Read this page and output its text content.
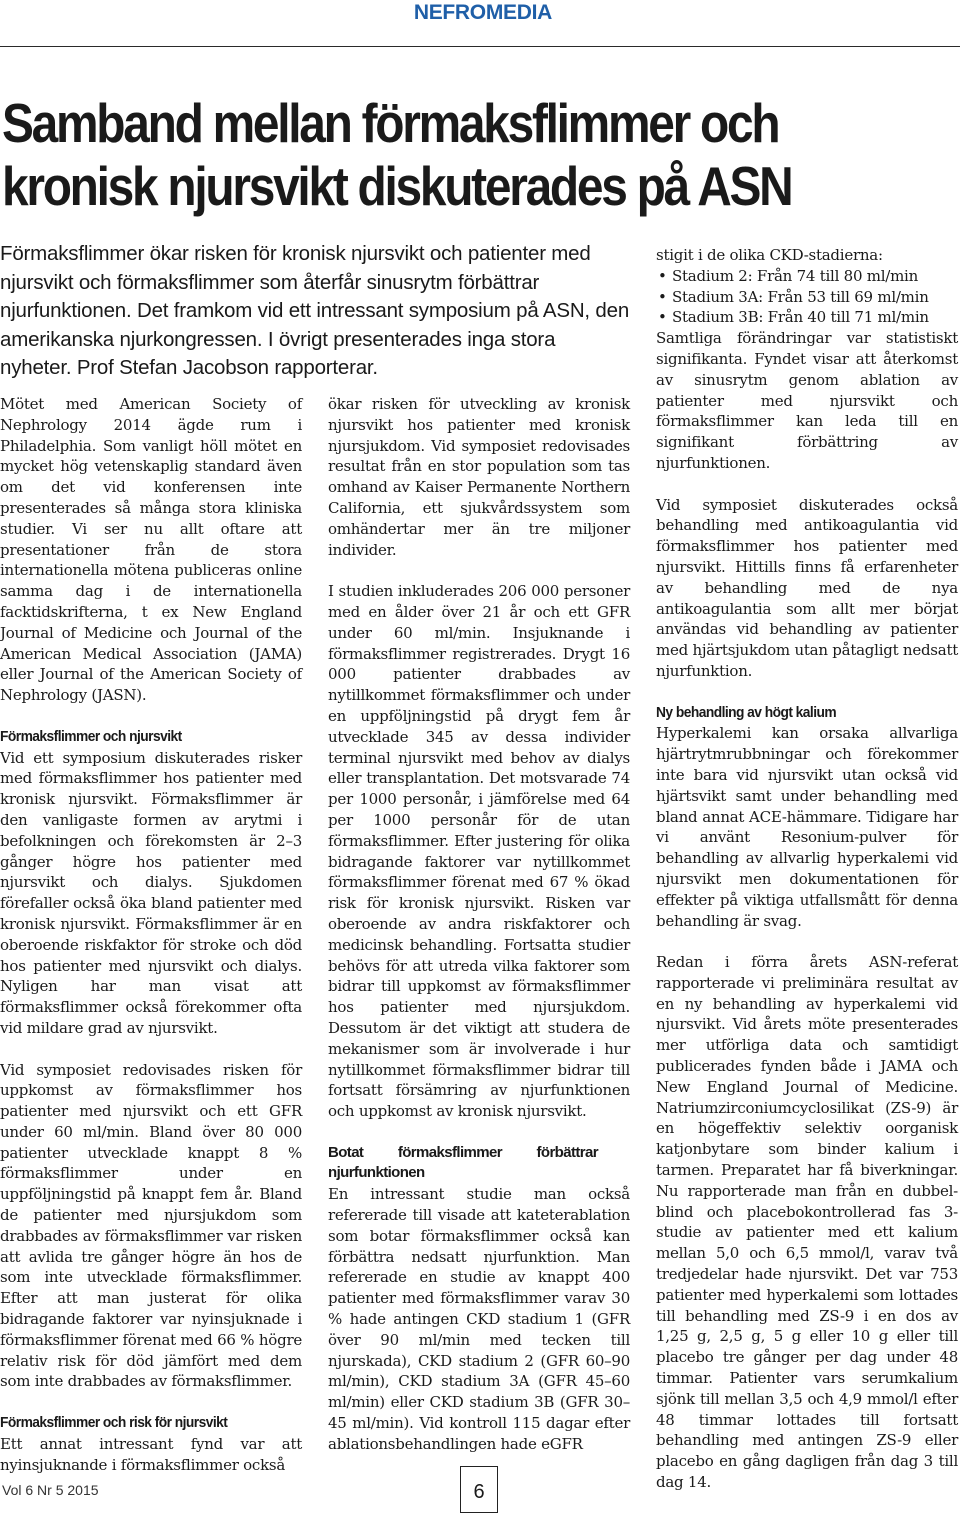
NEFROMEDIA
Samband mellan förmaksflimmer och
kronisk njursvikt diskuterades på ASN
Förmaksflimmer ökar risken för kronisk njursvikt och patienter med njursvikt och förmaksflimmer som återfår sinusrytm förbättrar njurfunktionen. Det framkom vid ett intressant symposium på ASN, den amerikanska njurkongressen. I övrigt presenterades inga stora nyheter. Prof Stefan Jacobson rapporterar.

Mötet med American Society of Nephrology 2014 ägde rum i Philadelphia. Som vanligt höll mötet en mycket hög vetenskaplig standard även om det vid konferensen inte presenterades så många stora kliniska studier. Vi ser nu allt oftare att presentationer från de stora internationella mötena publiceras online samma dag i de internationella facktidskrifterna, t ex New England Journal of Medicine och Journal of the American Medical Association (JAMA) eller Journal of the American Society of Nephrology (JASN).

Förmaksflimmer och njursvikt

Vid ett symposium diskuterades risker med förmaksflimmer hos patienter med kronisk njursvikt. Förmaksflimmer är den vanligaste formen av arytmi i befolkningen och förekomsten är 2–3 gånger högre hos patienter med njursvikt och dialys. Sjukdomen förefaller också öka bland patienter med kronisk njursvikt. Förmaksflimmer är en oberoende riskfaktor för stroke och död hos patienter med njursvikt och dialys. Nyligen har man visat att förmaksflimmer också förekommer ofta vid mildare grad av njursvikt.

Vid symposiet redovisades risken för uppkomst av förmaksflimmer hos patienter med njursvikt och ett GFR under 60 ml/min. Bland över 80 000 patienter utvecklade knappt 8 % förmaksflimmer under en uppföljningstid på knappt fem år. Bland de patienter med njursjukdom som drabbades av förmaksflimmer var risken att avlida tre gånger högre än hos de som inte utvecklade förmaksflimmer. Efter att man justerat för olika bidragande faktorer var nyinsjuknade i förmaksflimmer förenat med 66 % högre relativ risk för död jämfört med dem som inte drabbades av förmaksflimmer.

Förmaksflimmer och risk för njursvikt

Ett annat intressant fynd var att nyinsjuknande i förmaksflimmer också

ökar risken för utveckling av kronisk njursvikt hos patienter med kronisk njursjukdom. Vid symposiet redovisades resultat från en stor population som tas omhand av Kaiser Permanente Northern California, ett sjukvårdssystem som omhändertar mer än tre miljoner individer.

I studien inkluderades 206 000 personer med en ålder över 21 år och ett GFR under 60 ml/min. Insjuknande i förmaksflimmer registrerades. Drygt 16 000 patienter drabbades av nytillkommet förmaksflimmer och under en uppföljningstid på drygt fem år utvecklade 345 av dessa individer terminal njursvikt med behov av dialys eller transplantation. Det motsvarade 74 per 1000 personår, i jämförelse med 64 per 1000 personår för de utan förmaksflimmer. Efter justering för olika bidragande faktorer var nytillkommet förmaksflimmer förenat med 67 % ökad risk för kronisk njursvikt. Risken var oberoende av andra riskfaktorer och medicinsk behandling. Fortsatta studier behövs för att utreda vilka faktorer som bidrar till uppkomst av förmaksflimmer hos patienter med njursjukdom. Dessutom är det viktigt att studera de mekanismer som är involverade i hur nytillkommet förmaksflimmer bidrar till fortsatt försämring av njurfunktionen och uppkomst av kronisk njursvikt.

Botat förmaksflimmer förbättrar njurfunktionen

En intressant studie man också refererade till visade att kateterablation som botar förmaksflimmer också kan förbättra nedsatt njurfunktion. Man refererade en studie av knappt 400 patienter med förmaksflimmer varav 30 % hade antingen CKD stadium 1 (GFR över 90 ml/min med tecken till njurskada), CKD stadium 2 (GFR 60–90 ml/min), CKD stadium 3A (GFR 45–60 ml/min) eller CKD stadium 3B (GFR 30–45 ml/min). Vid kontroll 115 dagar efter ablationsbehandlingen hade eGFR

stigit i de olika CKD-stadierna:

• Stadium 2: Från 74 till 80 ml/min
• Stadium 3A: Från 53 till 69 ml/min
• Stadium 3B: Från 40 till 71 ml/min

Samtliga förändringar var statistiskt signifikanta. Fyndet visar att återkomst av sinusrytm genom ablation av patienter med njursvikt och förmaksflimmer kan leda till en signifikant förbättring av njurfunktionen.

Vid symposiet diskuterades också behandling med antikoagulantia vid förmaksflimmer hos patienter med njursvikt. Hittills finns få erfarenheter av behandling med de nya antikoagulantia som allt mer börjat användas vid behandling av patienter med hjärtsjukdom utan påtagligt nedsatt njurfunktion.

Ny behandling av högt kalium

Hyperkalemi kan orsaka allvarliga hjärtrytmrubbningar och förekommer inte bara vid njursvikt utan också vid hjärtsvikt samt under behandling med bland annat ACE-hämmare. Tidigare har vi använt Resonium-pulver för behandling av allvarlig hyperkalemi vid njursvikt men dokumentationen för effekter på viktiga utfallsmått för denna behandling är svag.

Redan i förra årets ASN-referat rapporterade vi preliminära resultat av en ny behandling av hyperkalemi vid njursvikt. Vid årets möte presenterades mer utförliga data och samtidigt publicerades fynden både i JAMA och New England Journal of Medicine. Natriumzirconiumcyclosilikat (ZS-9) är en högeffektiv selektiv oorganisk katjonbytare som binder kalium i tarmen. Preparatet har få biverkningar. Nu rapporterade man från en dubbel-blind och placebokontrollerad fas 3-studie av patienter med ett kalium mellan 5,0 och 6,5 mmol/l, varav två tredjedelar hade njursvikt. Det var 753 patienter med hyperkalemi som lottades till behandling med ZS-9 i en dos av 1,25 g, 2,5 g, 5 g eller 10 g eller till placebo tre gånger per dag under 48 timmar. Patienter vars serumkalium sjönk till mellan 3,5 och 4,9 mmol/l efter 48 timmar lottades till fortsatt behandling med antingen ZS-9 eller placebo en gång dagligen från dag 3 till dag 14.

Vol 6 Nr 5 2015	6
